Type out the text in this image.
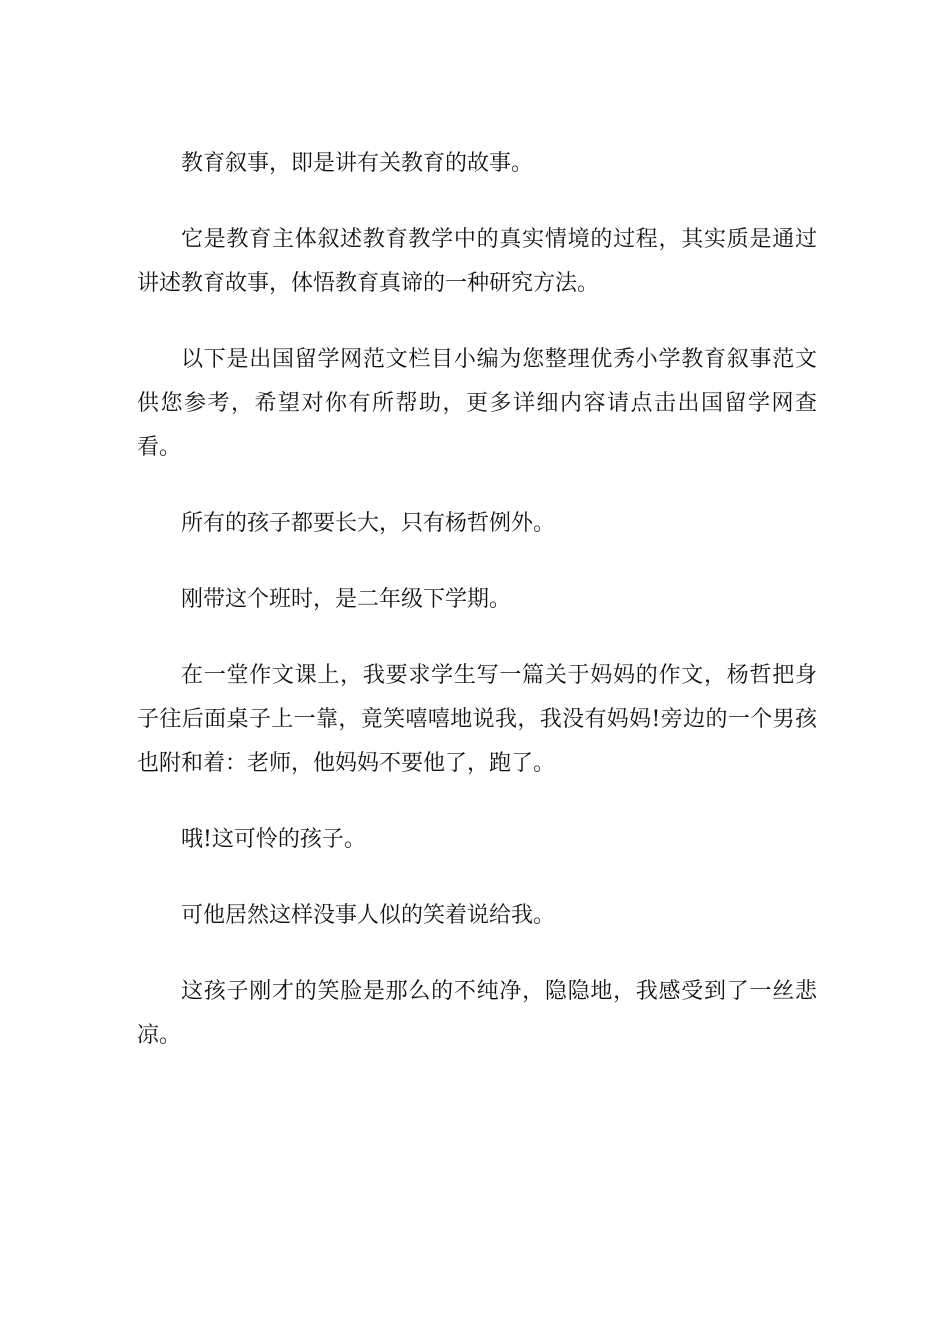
教育叙事，即是讲有关教育的故事。

它是教育主体叙述教育教学中的真实情境的过程，其实质是通过讲述教育故事，体悟教育真谛的一种研究方法。

以下是出国留学网范文栏目小编为您整理优秀小学教育叙事范文供您参考，希望对你有所帮助，更多详细内容请点击出国留学网查看。

所有的孩子都要长大，只有杨哲例外。

刚带这个班时，是二年级下学期。

在一堂作文课上，我要求学生写一篇关于妈妈的作文，杨哲把身子往后面桌子上一靠，竟笑嘻嘻地说我，我没有妈妈!旁边的一个男孩也附和着：老师，他妈妈不要他了，跑了。

哦!这可怜的孩子。

可他居然这样没事人似的笑着说给我。

这孩子刚才的笑脸是那么的不纯净，隐隐地，我感受到了一丝悲凉。
